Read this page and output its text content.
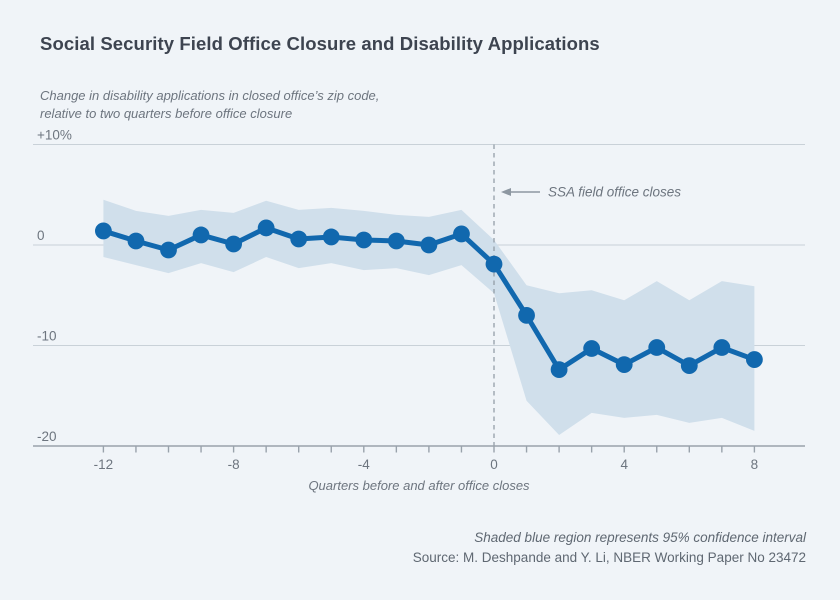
Social Security Field Office Closure and Disability Applications
Change in disability applications in closed office’s zip code,
relative to two quarters before office closure
+10%
0
-10
-20
-12	-8	-4	0	4	8
SSA field office closes
Quarters before and after office closes
Shaded blue region represents 95% confidence interval
Source: M. Deshpande and Y. Li, NBER Working Paper No 23472
